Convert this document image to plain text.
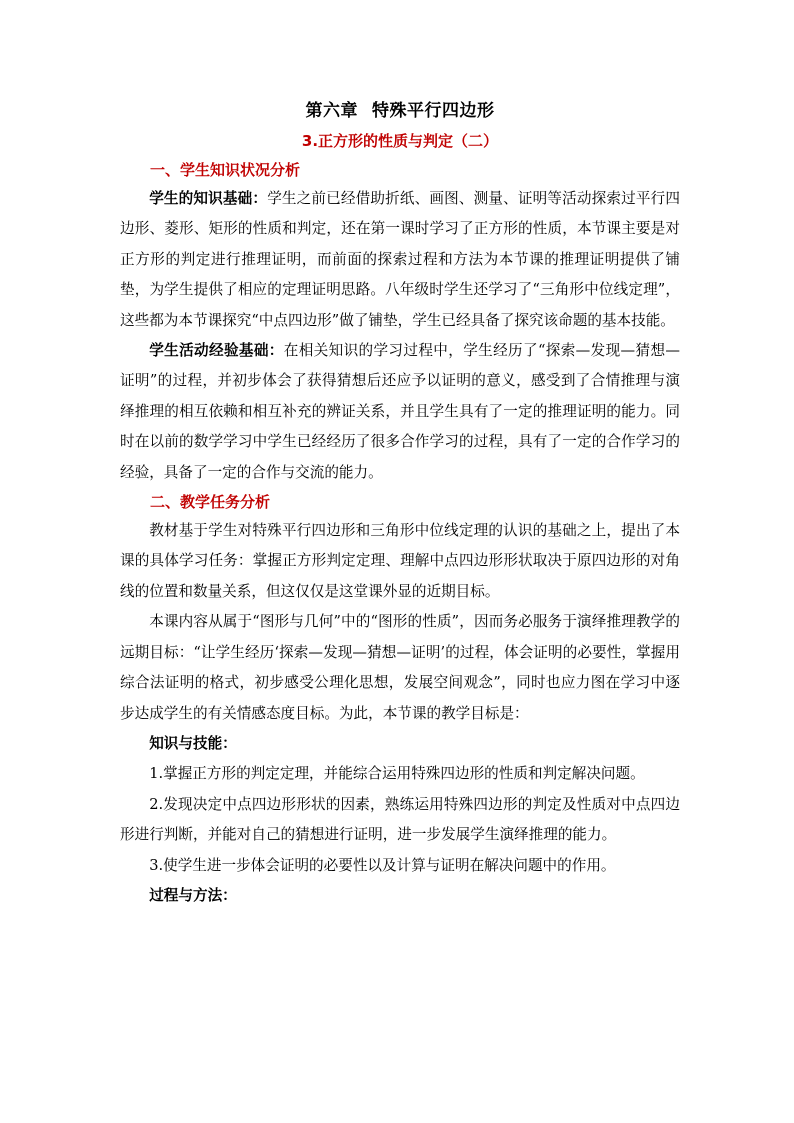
第六章 特殊平行四边形
3.正方形的性质与判定（二）
一、学生知识状况分析

学生的知识基础：学生之前已经借助折纸、画图、测量、证明等活动探索过平行四边形、菱形、矩形的性质和判定，还在第一课时学习了正方形的性质，本节课主要是对正方形的判定进行推理证明，而前面的探索过程和方法为本节课的推理证明提供了铺垫，为学生提供了相应的定理证明思路。八年级时学生还学习了“三角形中位线定理”，这些都为本节课探究“中点四边形”做了铺垫，学生已经具备了探究该命题的基本技能。

学生活动经验基础：在相关知识的学习过程中，学生经历了“探索—发现—猜想—证明”的过程，并初步体会了获得猜想后还应予以证明的意义，感受到了合情推理与演绎推理的相互依赖和相互补充的辨证关系，并且学生具有了一定的推理证明的能力。同时在以前的数学学习中学生已经经历了很多合作学习的过程，具有了一定的合作学习的经验，具备了一定的合作与交流的能力。

二、教学任务分析

教材基于学生对特殊平行四边形和三角形中位线定理的认识的基础之上，提出了本课的具体学习任务：掌握正方形判定定理、理解中点四边形形状取决于原四边形的对角线的位置和数量关系，但这仅仅是这堂课外显的近期目标。

本课内容从属于“图形与几何”中的“图形的性质”，因而务必服务于演绎推理教学的远期目标：“让学生经历‘探索—发现—猜想—证明’的过程，体会证明的必要性，掌握用综合法证明的格式，初步感受公理化思想，发展空间观念”，同时也应力图在学习中逐步达成学生的有关情感态度目标。为此，本节课的教学目标是：

知识与技能：

1.掌握正方形的判定定理，并能综合运用特殊四边形的性质和判定解决问题。

2.发现决定中点四边形形状的因素，熟练运用特殊四边形的判定及性质对中点四边形进行判断，并能对自己的猜想进行证明，进一步发展学生演绎推理的能力。

3.使学生进一步体会证明的必要性以及计算与证明在解决问题中的作用。

过程与方法：
